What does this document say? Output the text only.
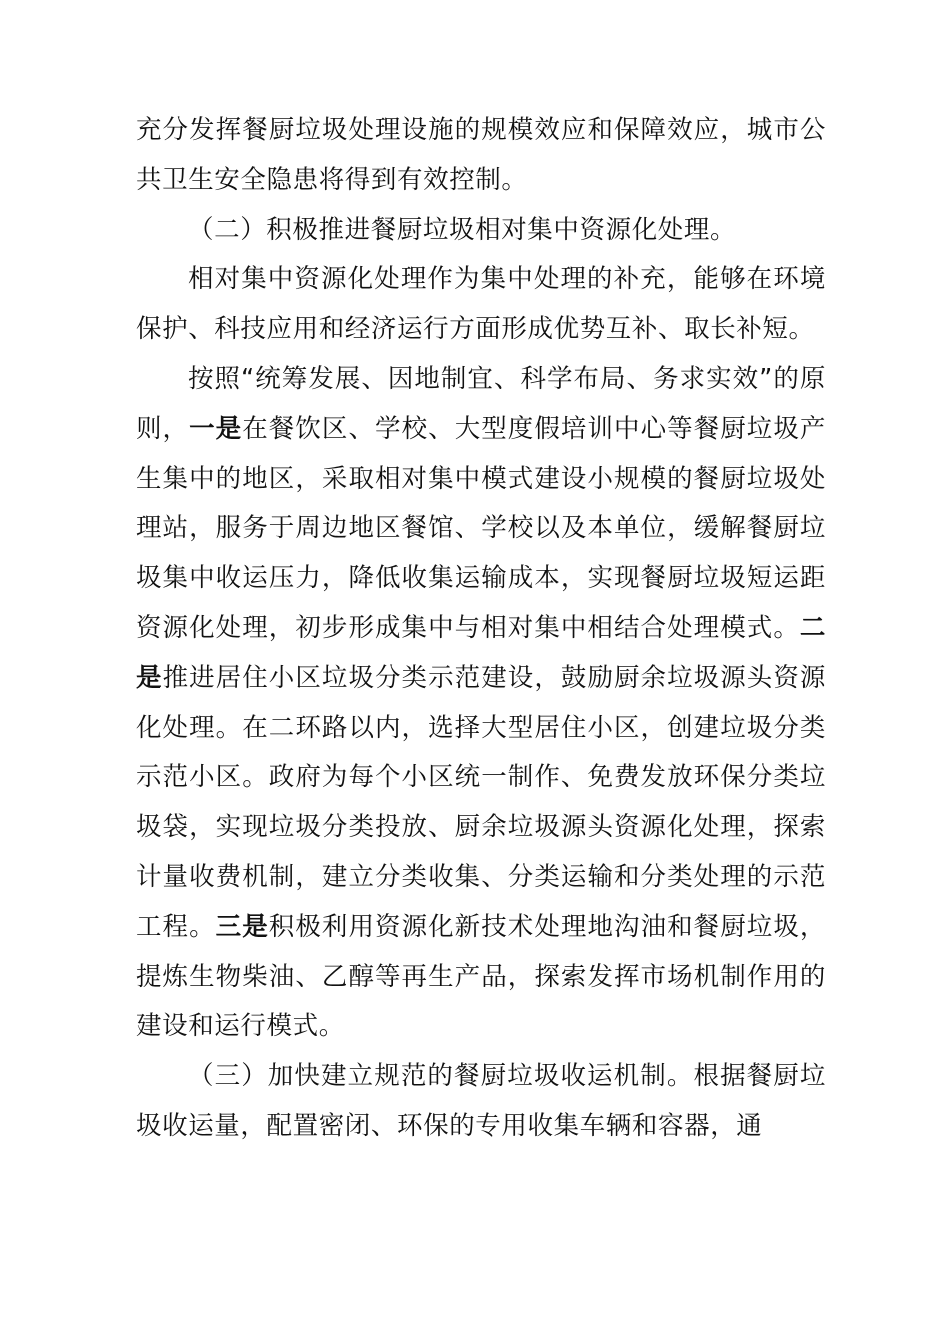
充分发挥餐厨垃圾处理设施的规模效应和保障效应，城市公共卫生安全隐患将得到有效控制。

（二）积极推进餐厨垃圾相对集中资源化处理。

相对集中资源化处理作为集中处理的补充，能够在环境保护、科技应用和经济运行方面形成优势互补、取长补短。

按照“统筹发展、因地制宜、科学布局、务求实效”的原则，一是在餐饮区、学校、大型度假培训中心等餐厨垃圾产生集中的地区，采取相对集中模式建设小规模的餐厨垃圾处理站，服务于周边地区餐馆、学校以及本单位，缓解餐厨垃圾集中收运压力，降低收集运输成本，实现餐厨垃圾短运距资源化处理，初步形成集中与相对集中相结合处理模式。二是推进居住小区垃圾分类示范建设，鼓励厨余垃圾源头资源化处理。在二环路以内，选择大型居住小区，创建垃圾分类示范小区。政府为每个小区统一制作、免费发放环保分类垃圾袋，实现垃圾分类投放、厨余垃圾源头资源化处理，探索计量收费机制，建立分类收集、分类运输和分类处理的示范工程。三是积极利用资源化新技术处理地沟油和餐厨垃圾，提炼生物柴油、乙醇等再生产品，探索发挥市场机制作用的建设和运行模式。

（三）加快建立规范的餐厨垃圾收运机制。根据餐厨垃圾收运量，配置密闭、环保的专用收集车辆和容器，通
